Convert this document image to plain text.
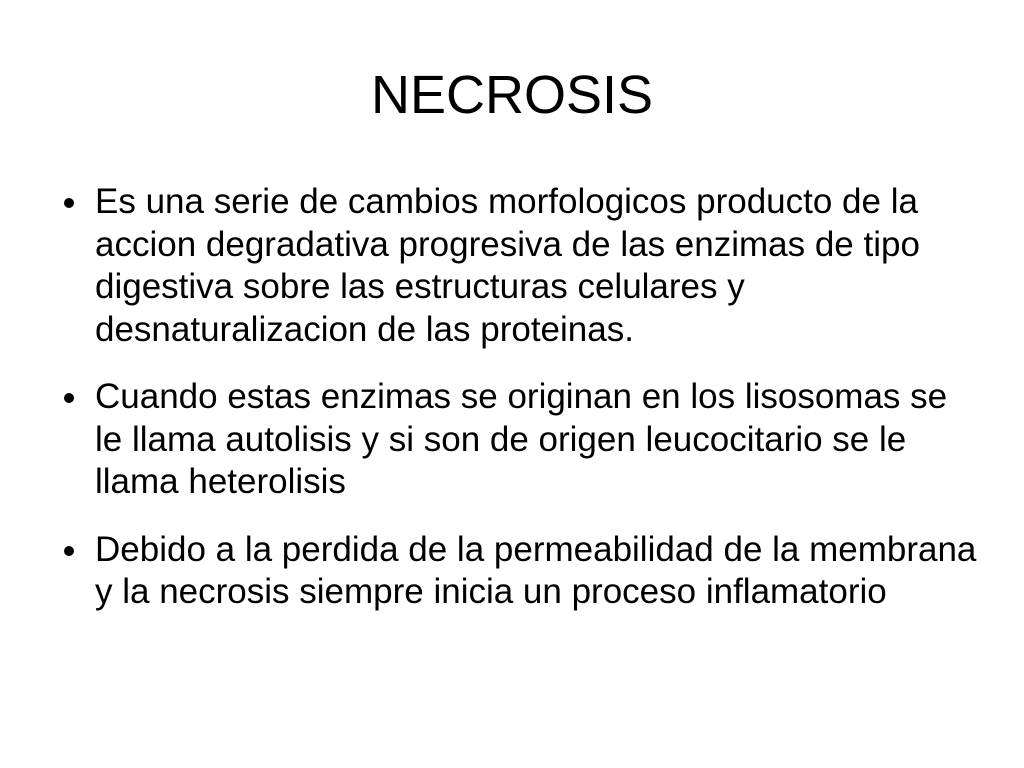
NECROSIS
Es una serie de cambios morfologicos producto de la accion degradativa progresiva de las enzimas de tipo digestiva sobre las estructuras celulares y desnaturalizacion de las proteinas.
Cuando estas enzimas se originan en los lisosomas se le llama autolisis y si son de origen leucocitario se le llama heterolisis
Debido a la perdida de la permeabilidad de la membrana y la necrosis siempre inicia un proceso inflamatorio
